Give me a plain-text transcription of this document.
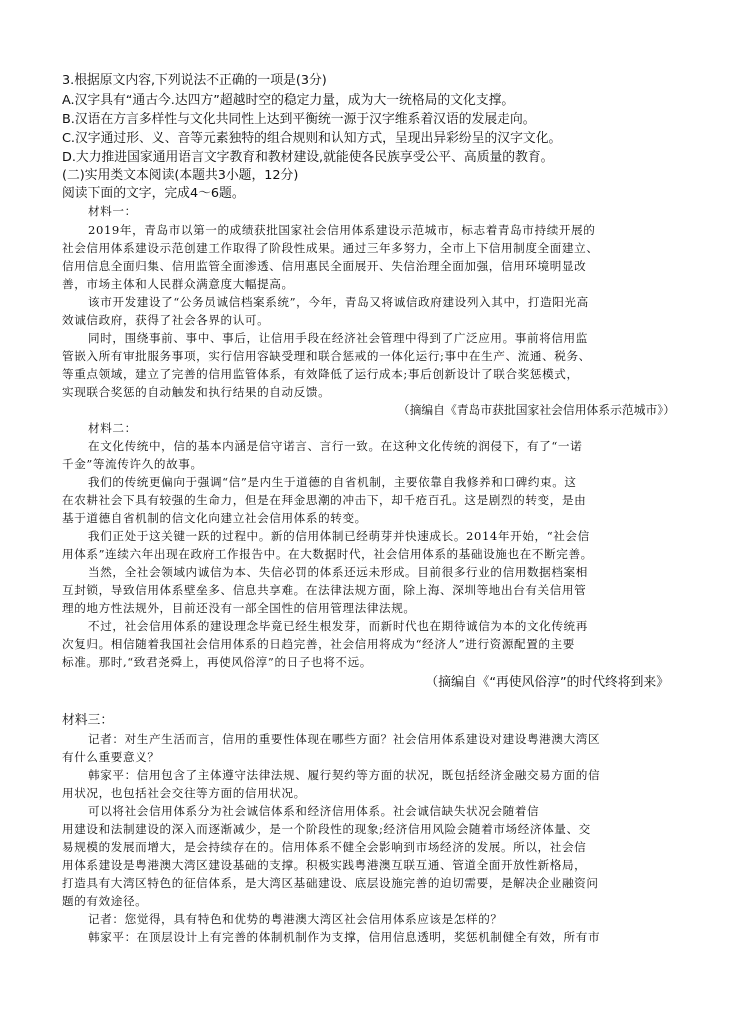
3.根据原文内容,下列说法不正确的一项是(3分)
A.汉字具有“通古今.达四方”超越时空的稳定力量，成为大一统格局的文化支撑。
B.汉语在方言多样性与文化共同性上达到平衡统一源于汉字维系着汉语的发展走向。
C.汉字通过形、义、音等元素独特的组合规则和认知方式，呈现出异彩纷呈的汉字文化。
D.大力推进国家通用语言文字教育和教材建设,就能使各民族享受公平、高质量的教育。
(二)实用类文本阅读(本题共3小题，12分)
阅读下面的文字，完成4～6题。
材料一：
2019年，青岛市以第一的成绩获批国家社会信用体系建设示范城市，标志着青岛市持续开展的
社会信用体系建设示范创建工作取得了阶段性成果。通过三年多努力，全市上下信用制度全面建立、
信用信息全面归集、信用监管全面渗透、信用惠民全面展开、失信治理全面加强，信用环境明显改
善，市场主体和人民群众满意度大幅提高。
该市开发建设了“公务员诚信档案系统”，今年，青岛又将诚信政府建设列入其中，打造阳光高
效诚信政府，获得了社会各界的认可。
同时，围绕事前、事中、事后，让信用手段在经济社会管理中得到了广泛应用。事前将信用监
管嵌入所有审批服务事项，实行信用容缺受理和联合惩戒的一体化运行;事中在生产、流通、税务、
等重点领域，建立了完善的信用监管体系，有效降低了运行成本;事后创新设计了联合奖惩模式，
实现联合奖惩的自动触发和执行结果的自动反馈。
（摘编自《青岛市获批国家社会信用体系示范城市》）
材料二：
在文化传统中，信的基本内涵是信守诺言、言行一致。在这种文化传统的润侵下，有了“一诺
千金”等流传许久的故事。
我们的传统更偏向于强调“信”是内生于道德的自省机制，主要依靠自我修养和口碑约束。这
在农耕社会下具有较强的生命力，但是在拜金思潮的冲击下，却千疮百孔。这是剧烈的转变，是由
基于道德自省机制的信文化向建立社会信用体系的转变。
我们正处于这关键一跃的过程中。新的信用体制已经萌芽并快速成长。2014年开始，“社会信
用体系”连续六年出现在政府工作报告中。在大数据时代，社会信用体系的基础设施也在不断完善。
当然，全社会领域内诚信为本、失信必罚的体系还远未形成。目前很多行业的信用数据档案相
互封锁，导致信用体系壁垒多、信息共享难。在法律法规方面，除上海、深圳等地出台有关信用管
理的地方性法规外，目前还没有一部全国性的信用管理法律法规。
不过，社会信用体系的建设理念毕竟已经生根发芽，而新时代也在期待诚信为本的文化传统再
次复归。相信随着我国社会信用体系的日趋完善，社会信用将成为“经济人”进行资源配置的主要
标准。那时,“致君尧舜上，再使风俗淳”的日子也将不远。
（摘编自《“再使风俗淳”的时代终将到来》
材料三：
记者：对生产生活而言，信用的重要性体现在哪些方面？社会信用体系建设对建设粤港澳大湾区
有什么重要意义？
韩家平：信用包含了主体遵守法律法规、履行契约等方面的状况，既包括经济金融交易方面的信
用状况，也包括社会交往等方面的信用状况。
可以将社会信用体系分为社会诚信体系和经济信用体系。社会诚信缺失状况会随着信
用建设和法制建设的深入而逐渐减少，是一个阶段性的现象;经济信用风险会随着市场经济体量、交
易规模的发展而增大，是会持续存在的。信用体系不健全会影响到市场经济的发展。所以，社会信
用体系建设是粤港澳大湾区建设基础的支撑。积极实践粤港澳互联互通、管道全面开放性新格局，
打造具有大湾区特色的征信体系，是大湾区基础建设、底层设施完善的迫切需要，是解决企业融资问
题的有效途径。
记者：您觉得，具有特色和优势的粤港澳大湾区社会信用体系应该是怎样的？
韩家平：在顶层设计上有完善的体制机制作为支撑，信用信息透明，奖惩机制健全有效，所有市
